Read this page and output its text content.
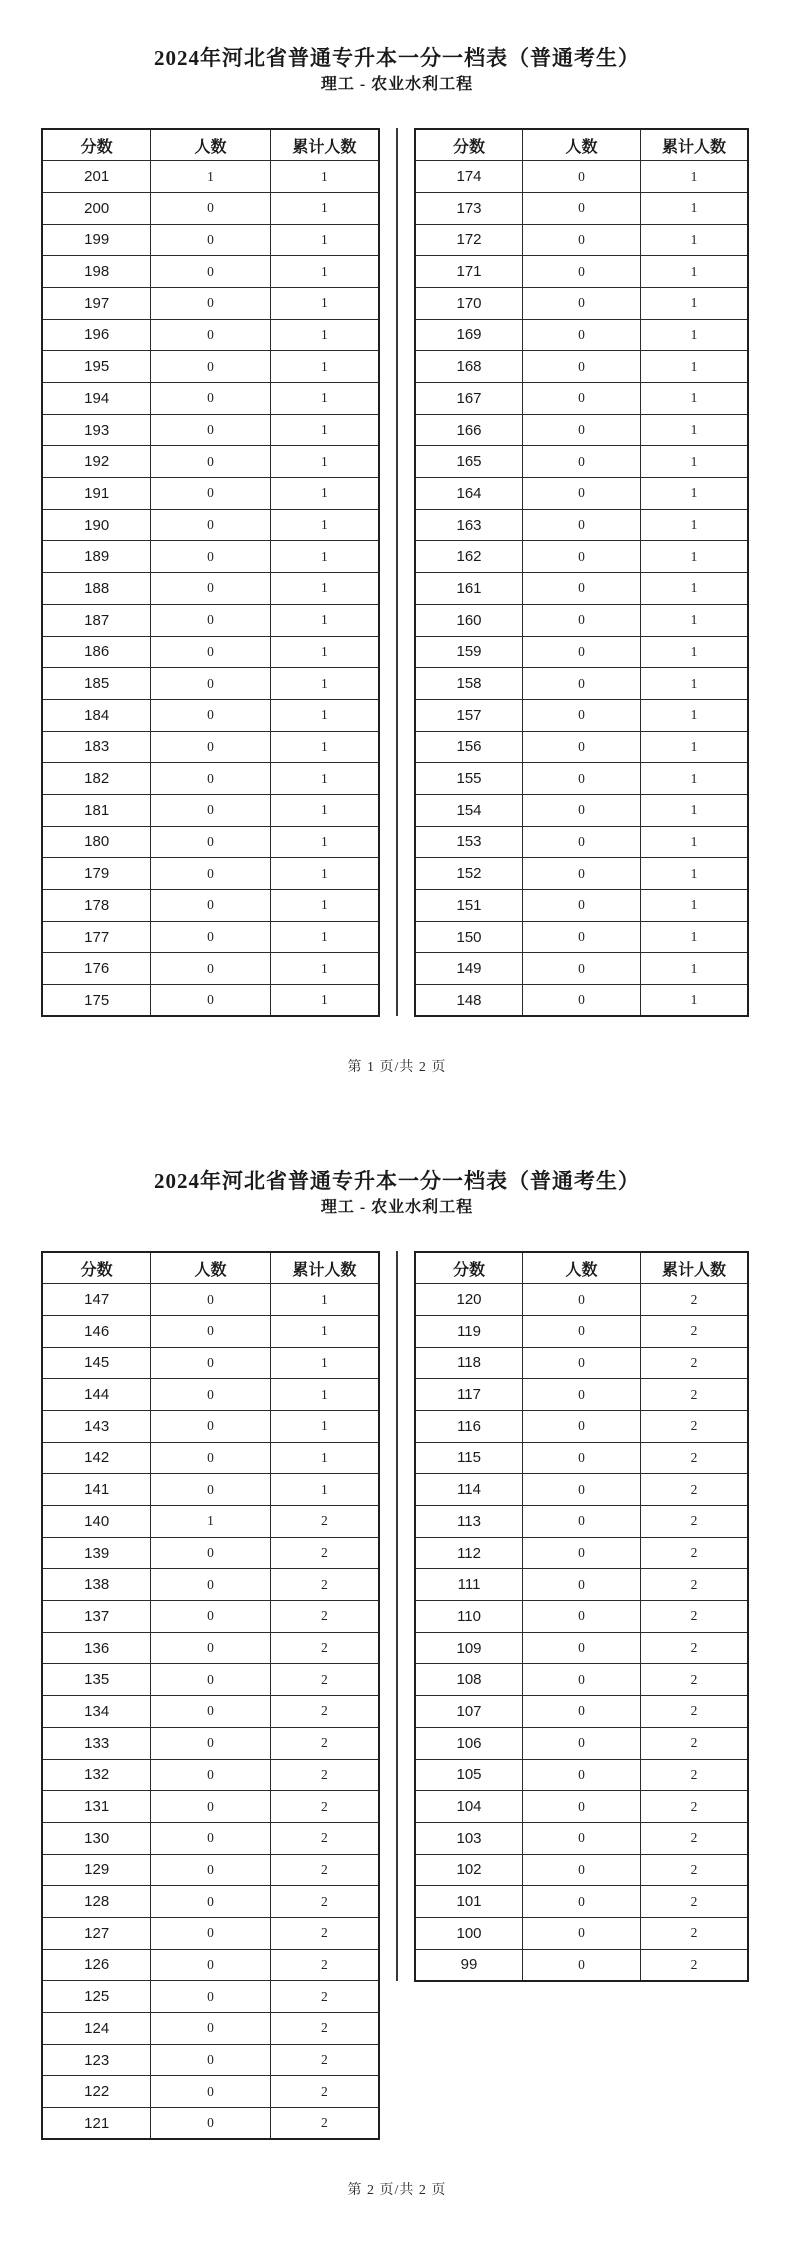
2024年河北省普通专升本一分一档表（普通考生）
理工 - 农业水利工程
分数	人数	累计人数
201	1	1
200	0	1
199	0	1
198	0	1
197	0	1
196	0	1
195	0	1
194	0	1
193	0	1
192	0	1
191	0	1
190	0	1
189	0	1
188	0	1
187	0	1
186	0	1
185	0	1
184	0	1
183	0	1
182	0	1
181	0	1
180	0	1
179	0	1
178	0	1
177	0	1
176	0	1
175	0	1
分数	人数	累计人数
174	0	1
173	0	1
172	0	1
171	0	1
170	0	1
169	0	1
168	0	1
167	0	1
166	0	1
165	0	1
164	0	1
163	0	1
162	0	1
161	0	1
160	0	1
159	0	1
158	0	1
157	0	1
156	0	1
155	0	1
154	0	1
153	0	1
152	0	1
151	0	1
150	0	1
149	0	1
148	0	1
第 1 页/共 2 页
2024年河北省普通专升本一分一档表（普通考生）
理工 - 农业水利工程
分数	人数	累计人数
147	0	1
146	0	1
145	0	1
144	0	1
143	0	1
142	0	1
141	0	1
140	1	2
139	0	2
138	0	2
137	0	2
136	0	2
135	0	2
134	0	2
133	0	2
132	0	2
131	0	2
130	0	2
129	0	2
128	0	2
127	0	2
126	0	2
125	0	2
124	0	2
123	0	2
122	0	2
121	0	2
分数	人数	累计人数
120	0	2
119	0	2
118	0	2
117	0	2
116	0	2
115	0	2
114	0	2
113	0	2
112	0	2
111	0	2
110	0	2
109	0	2
108	0	2
107	0	2
106	0	2
105	0	2
104	0	2
103	0	2
102	0	2
101	0	2
100	0	2
99	0	2
第 2 页/共 2 页
